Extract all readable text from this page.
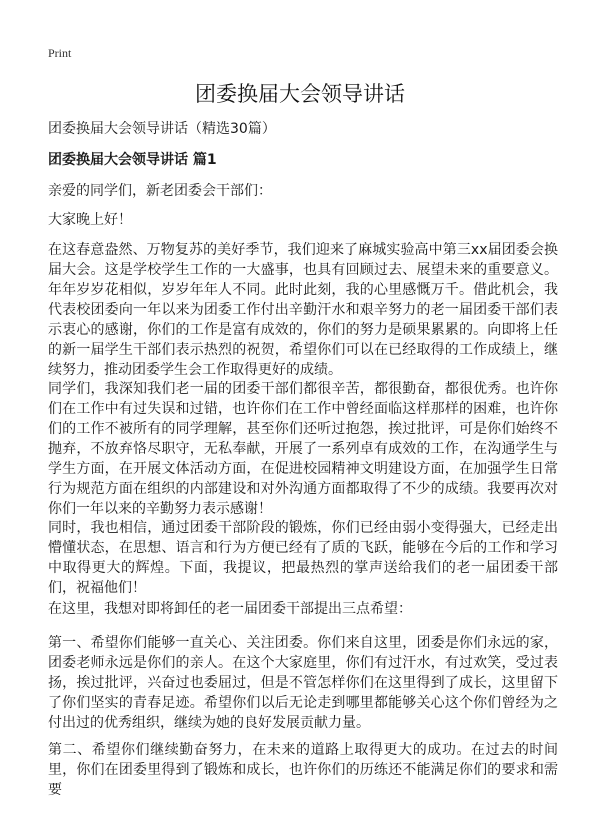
Print
团委换届大会领导讲话
团委换届大会领导讲话（精选30篇）
团委换届大会领导讲话 篇1
亲爱的同学们，新老团委会干部们：
大家晚上好！
在这春意盎然、万物复苏的美好季节，我们迎来了麻城实验高中第三xx届团委会换届大会。这是学校学生工作的一大盛事，也具有回顾过去、展望未来的重要意义。年年岁岁花相似，岁岁年年人不同。此时此刻，我的心里感慨万千。借此机会，我代表校团委向一年以来为团委工作付出辛勤汗水和艰辛努力的老一届团委干部们表示衷心的感谢，你们的工作是富有成效的，你们的努力是硕果累累的。向即将上任的新一届学生干部们表示热烈的祝贺，希望你们可以在已经取得的工作成绩上，继续努力，推动团委学生会工作取得更好的成绩。
同学们，我深知我们老一届的团委干部们都很辛苦，都很勤奋，都很优秀。也许你们在工作中有过失误和过错，也许你们在工作中曾经面临这样那样的困难，也许你们的工作不被所有的同学理解，甚至你们还听过抱怨，挨过批评，可是你们始终不抛弃，不放弃恪尽职守，无私奉献，开展了一系列卓有成效的工作，在沟通学生与学生方面，在开展文体活动方面，在促进校园精神文明建设方面，在加强学生日常行为规范方面在组织的内部建设和对外沟通方面都取得了不少的成绩。我要再次对你们一年以来的辛勤努力表示感谢！
同时，我也相信，通过团委干部阶段的锻炼，你们已经由弱小变得强大，已经走出懵懂状态，在思想、语言和行为方便已经有了质的飞跃，能够在今后的工作和学习中取得更大的辉煌。下面，我提议，把最热烈的掌声送给我们的老一届团委干部们，祝福他们！
在这里，我想对即将卸任的老一届团委干部提出三点希望：
第一、希望你们能够一直关心、关注团委。你们来自这里，团委是你们永远的家，团委老师永远是你们的亲人。在这个大家庭里，你们有过汗水，有过欢笑，受过表扬，挨过批评，兴奋过也委屈过，但是不管怎样你们在这里得到了成长，这里留下了你们坚实的青春足迹。希望你们以后无论走到哪里都能够关心这个你们曾经为之付出过的优秀组织，继续为她的良好发展贡献力量。
第二、希望你们继续勤奋努力，在未来的道路上取得更大的成功。在过去的时间里，你们在团委里得到了锻炼和成长，也许你们的历练还不能满足你们的要求和需要
